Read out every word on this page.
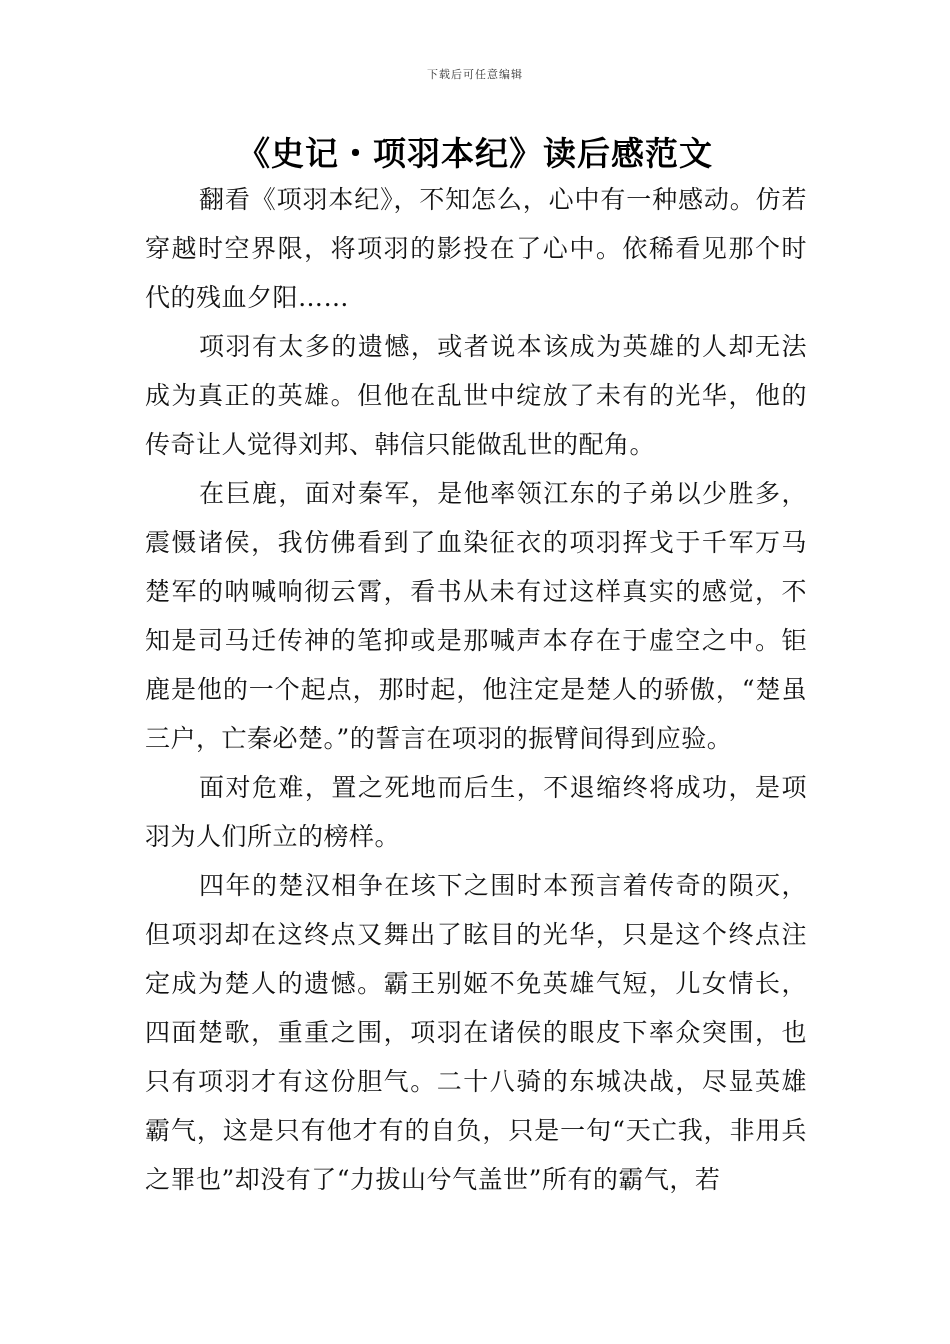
下载后可任意编辑
《史记・项羽本纪》读后感范文

翻看《项羽本纪》，不知怎么，心中有一种感动。仿若穿越时空界限，将项羽的影投在了心中。依稀看见那个时代的残血夕阳……

项羽有太多的遗憾，或者说本该成为英雄的人却无法成为真正的英雄。但他在乱世中绽放了未有的光华，他的传奇让人觉得刘邦、韩信只能做乱世的配角。

在巨鹿，面对秦军，是他率领江东的子弟以少胜多，震慑诸侯，我仿佛看到了血染征衣的项羽挥戈于千军万马楚军的呐喊响彻云霄，看书从未有过这样真实的感觉，不知是司马迁传神的笔抑或是那喊声本存在于虚空之中。钜鹿是他的一个起点，那时起，他注定是楚人的骄傲，“楚虽三户，亡秦必楚。”的誓言在项羽的振臂间得到应验。

面对危难，置之死地而后生，不退缩终将成功，是项羽为人们所立的榜样。

四年的楚汉相争在垓下之围时本预言着传奇的陨灭，但项羽却在这终点又舞出了眩目的光华，只是这个终点注定成为楚人的遗憾。霸王别姬不免英雄气短，儿女情长，四面楚歌，重重之围，项羽在诸侯的眼皮下率众突围，也只有项羽才有这份胆气。二十八骑的东城决战，尽显英雄霸气，这是只有他才有的自负，只是一句“天亡我，非用兵之罪也”却没有了“力拔山兮气盖世”所有的霸气，若
